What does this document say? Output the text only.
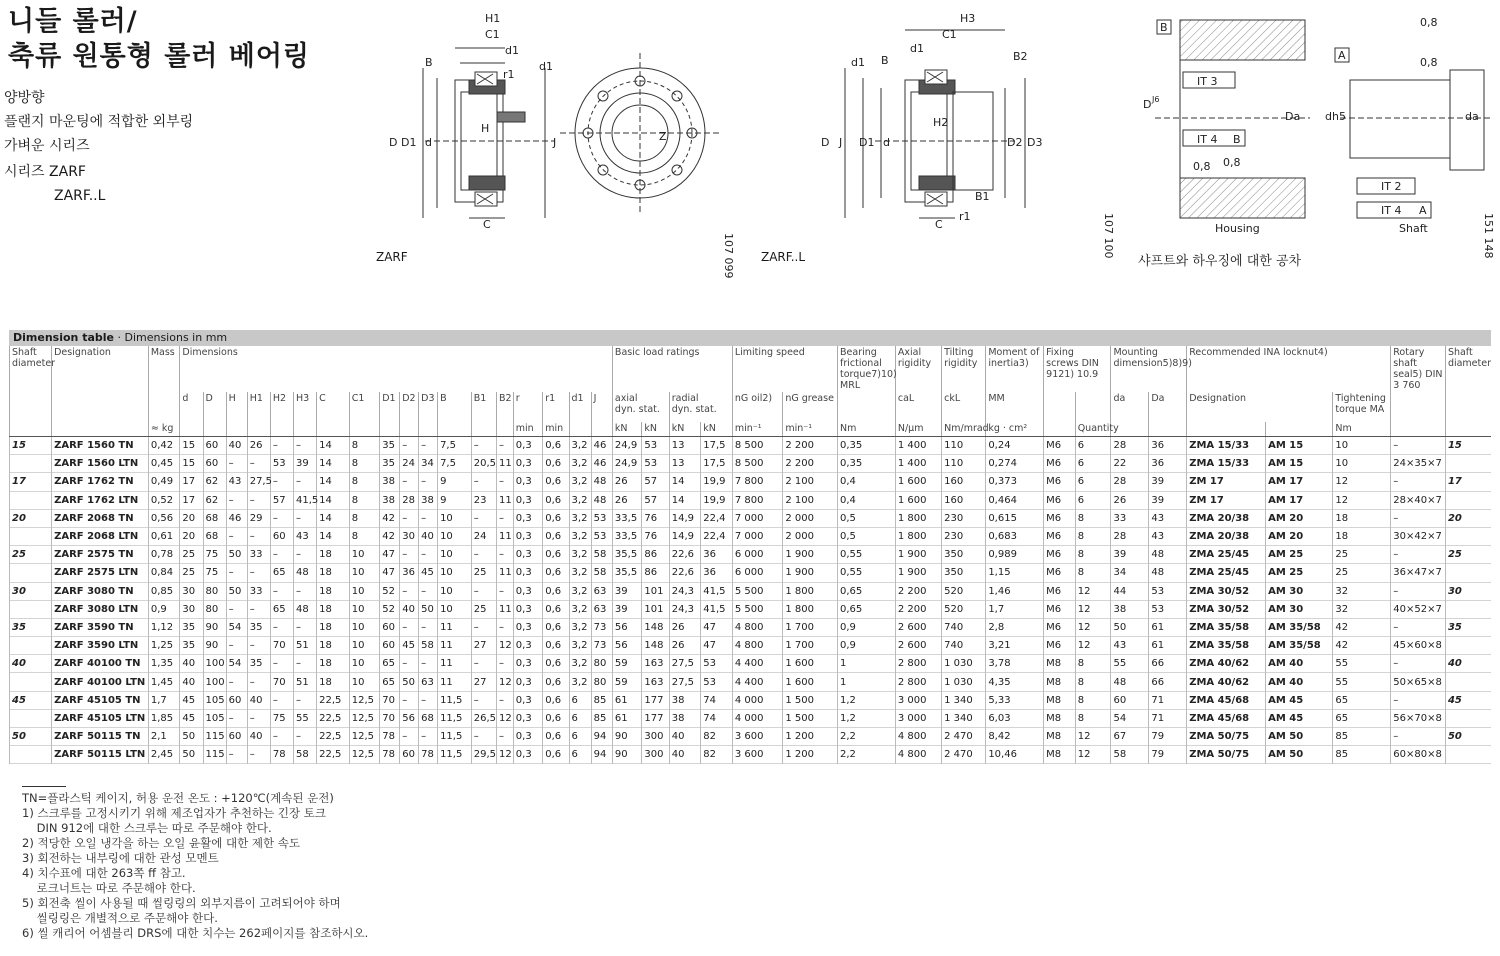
니들 롤러/
축류 원통형 롤러 베어링
양방향
플랜지 마운팅에 적합한 외부링
가벼운 시리즈
시리즈 ZARF
ZARF..L
H1
C1
d1
B	d1
r1
D D1 d
H
J
C
Z
107 099
ZARF
H3
C1
d1
B	B2
d1
D J D1 d
H2
D2 D3
B1
C
r1	107 100
ZARF..L
B
IT 3
D J6
IT 4 B
0,8 0,8
Da
Housing
0,8
0,8
A
dh5	da
IT 2
IT 4 A
Shaft	151 148
샤프트와 하우징에 대한 공차
Dimension table · Dimensions in mm
Shaft diameter	Designation	Mass	Dimensions																		Basic load ratings				Limiting speed		Bearing frictional torque7)10) MRL	Axial rigidity	Tilting rigidity	Moment of inertia3)	Fixing screws DIN 9121) 10.9		Mounting dimension5)8)9)		Recommended INA locknut4)			Rotary shaft seal5) DIN 3 760	Shaft diameter
			d	D	H	H1	H2	H3	C	C1	D1	D2	D3	B	B1	B2	r	r1	d1	J	axial
dyn. stat.		radial
dyn. stat.		nG oil2)	nG grease		caL	ckL	MM			da	Da	Designation		Tightening torque MA		
		≈ kg															min	min			kN	kN	kN	kN	min⁻¹	min⁻¹	Nm	N/μm	Nm/mrad	kg · cm²		Quantity					Nm		
15	ZARF 1560 TN	0,42	15	60	40	26	–	–	14	8	35	–	–	7,5	–	–	0,3	0,6	3,2	46	24,9	53	13	17,5	8 500	2 200	0,35	1 400	110	0,24	M6	6	28	36	ZMA 15/33	AM 15	10	–	15
	ZARF 1560 LTN	0,45	15	60	–	–	53	39	14	8	35	24	34	7,5	20,5	11	0,3	0,6	3,2	46	24,9	53	13	17,5	8 500	2 200	0,35	1 400	110	0,274	M6	6	22	36	ZMA 15/33	AM 15	10	24×35×7	
17	ZARF 1762 TN	0,49	17	62	43	27,5	–	–	14	8	38	–	–	9	–	–	0,3	0,6	3,2	48	26	57	14	19,9	7 800	2 100	0,4	1 600	160	0,373	M6	6	28	39	ZM 17	AM 17	12	–	17
	ZARF 1762 LTN	0,52	17	62	–	–	57	41,5	14	8	38	28	38	9	23	11	0,3	0,6	3,2	48	26	57	14	19,9	7 800	2 100	0,4	1 600	160	0,464	M6	6	26	39	ZM 17	AM 17	12	28×40×7	
20	ZARF 2068 TN	0,56	20	68	46	29	–	–	14	8	42	–	–	10	–	–	0,3	0,6	3,2	53	33,5	76	14,9	22,4	7 000	2 000	0,5	1 800	230	0,615	M6	8	33	43	ZMA 20/38	AM 20	18	–	20
	ZARF 2068 LTN	0,61	20	68	–	–	60	43	14	8	42	30	40	10	24	11	0,3	0,6	3,2	53	33,5	76	14,9	22,4	7 000	2 000	0,5	1 800	230	0,683	M6	8	28	43	ZMA 20/38	AM 20	18	30×42×7	
25	ZARF 2575 TN	0,78	25	75	50	33	–	–	18	10	47	–	–	10	–	–	0,3	0,6	3,2	58	35,5	86	22,6	36	6 000	1 900	0,55	1 900	350	0,989	M6	8	39	48	ZMA 25/45	AM 25	25	–	25
	ZARF 2575 LTN	0,84	25	75	–	–	65	48	18	10	47	36	45	10	25	11	0,3	0,6	3,2	58	35,5	86	22,6	36	6 000	1 900	0,55	1 900	350	1,15	M6	8	34	48	ZMA 25/45	AM 25	25	36×47×7	
30	ZARF 3080 TN	0,85	30	80	50	33	–	–	18	10	52	–	–	10	–	–	0,3	0,6	3,2	63	39	101	24,3	41,5	5 500	1 800	0,65	2 200	520	1,46	M6	12	44	53	ZMA 30/52	AM 30	32	–	30
	ZARF 3080 LTN	0,9	30	80	–	–	65	48	18	10	52	40	50	10	25	11	0,3	0,6	3,2	63	39	101	24,3	41,5	5 500	1 800	0,65	2 200	520	1,7	M6	12	38	53	ZMA 30/52	AM 30	32	40×52×7	
35	ZARF 3590 TN	1,12	35	90	54	35	–	–	18	10	60	–	–	11	–	–	0,3	0,6	3,2	73	56	148	26	47	4 800	1 700	0,9	2 600	740	2,8	M6	12	50	61	ZMA 35/58	AM 35/58	42	–	35
	ZARF 3590 LTN	1,25	35	90	–	–	70	51	18	10	60	45	58	11	27	12	0,3	0,6	3,2	73	56	148	26	47	4 800	1 700	0,9	2 600	740	3,21	M6	12	43	61	ZMA 35/58	AM 35/58	42	45×60×8	
40	ZARF 40100 TN	1,35	40	100	54	35	–	–	18	10	65	–	–	11	–	–	0,3	0,6	3,2	80	59	163	27,5	53	4 400	1 600	1	2 800	1 030	3,78	M8	8	55	66	ZMA 40/62	AM 40	55	–	40
	ZARF 40100 LTN	1,45	40	100	–	–	70	51	18	10	65	50	63	11	27	12	0,3	0,6	3,2	80	59	163	27,5	53	4 400	1 600	1	2 800	1 030	4,35	M8	8	48	66	ZMA 40/62	AM 40	55	50×65×8	
45	ZARF 45105 TN	1,7	45	105	60	40	–	–	22,5	12,5	70	–	–	11,5	–	–	0,3	0,6	6	85	61	177	38	74	4 000	1 500	1,2	3 000	1 340	5,33	M8	8	60	71	ZMA 45/68	AM 45	65	–	45
	ZARF 45105 LTN	1,85	45	105	–	–	75	55	22,5	12,5	70	56	68	11,5	26,5	12	0,3	0,6	6	85	61	177	38	74	4 000	1 500	1,2	3 000	1 340	6,03	M8	8	54	71	ZMA 45/68	AM 45	65	56×70×8	
50	ZARF 50115 TN	2,1	50	115	60	40	–	–	22,5	12,5	78	–	–	11,5	–	–	0,3	0,6	6	94	90	300	40	82	3 600	1 200	2,2	4 800	2 470	8,42	M8	12	67	79	ZMA 50/75	AM 50	85	–	50
	ZARF 50115 LTN	2,45	50	115	–	–	78	58	22,5	12,5	78	60	78	11,5	29,5	12	0,3	0,6	6	94	90	300	40	82	3 600	1 200	2,2	4 800	2 470	10,46	M8	12	58	79	ZMA 50/75	AM 50	85	60×80×8	
TN=플라스틱 케이지, 허용 운전 온도 : +120℃(계속된 운전)
1) 스크루를 고정시키기 위해 제조업자가 추천하는 긴장 토크
DIN 912에 대한 스크루는 따로 주문해야 한다.
2) 적당한 오일 냉각을 하는 오일 윤활에 대한 제한 속도
3) 회전하는 내부링에 대한 관성 모멘트
4) 치수표에 대한 263쪽 ff 참고.
로크너트는 따로 주문해야 한다.
5) 회전축 씰이 사용될 때 씰링링의 외부지름이 고려되어야 하며
씰링링은 개별적으로 주문해야 한다.
6) 씰 캐리어 어셈블리 DRS에 대한 치수는 262페이지를 참조하시오.
